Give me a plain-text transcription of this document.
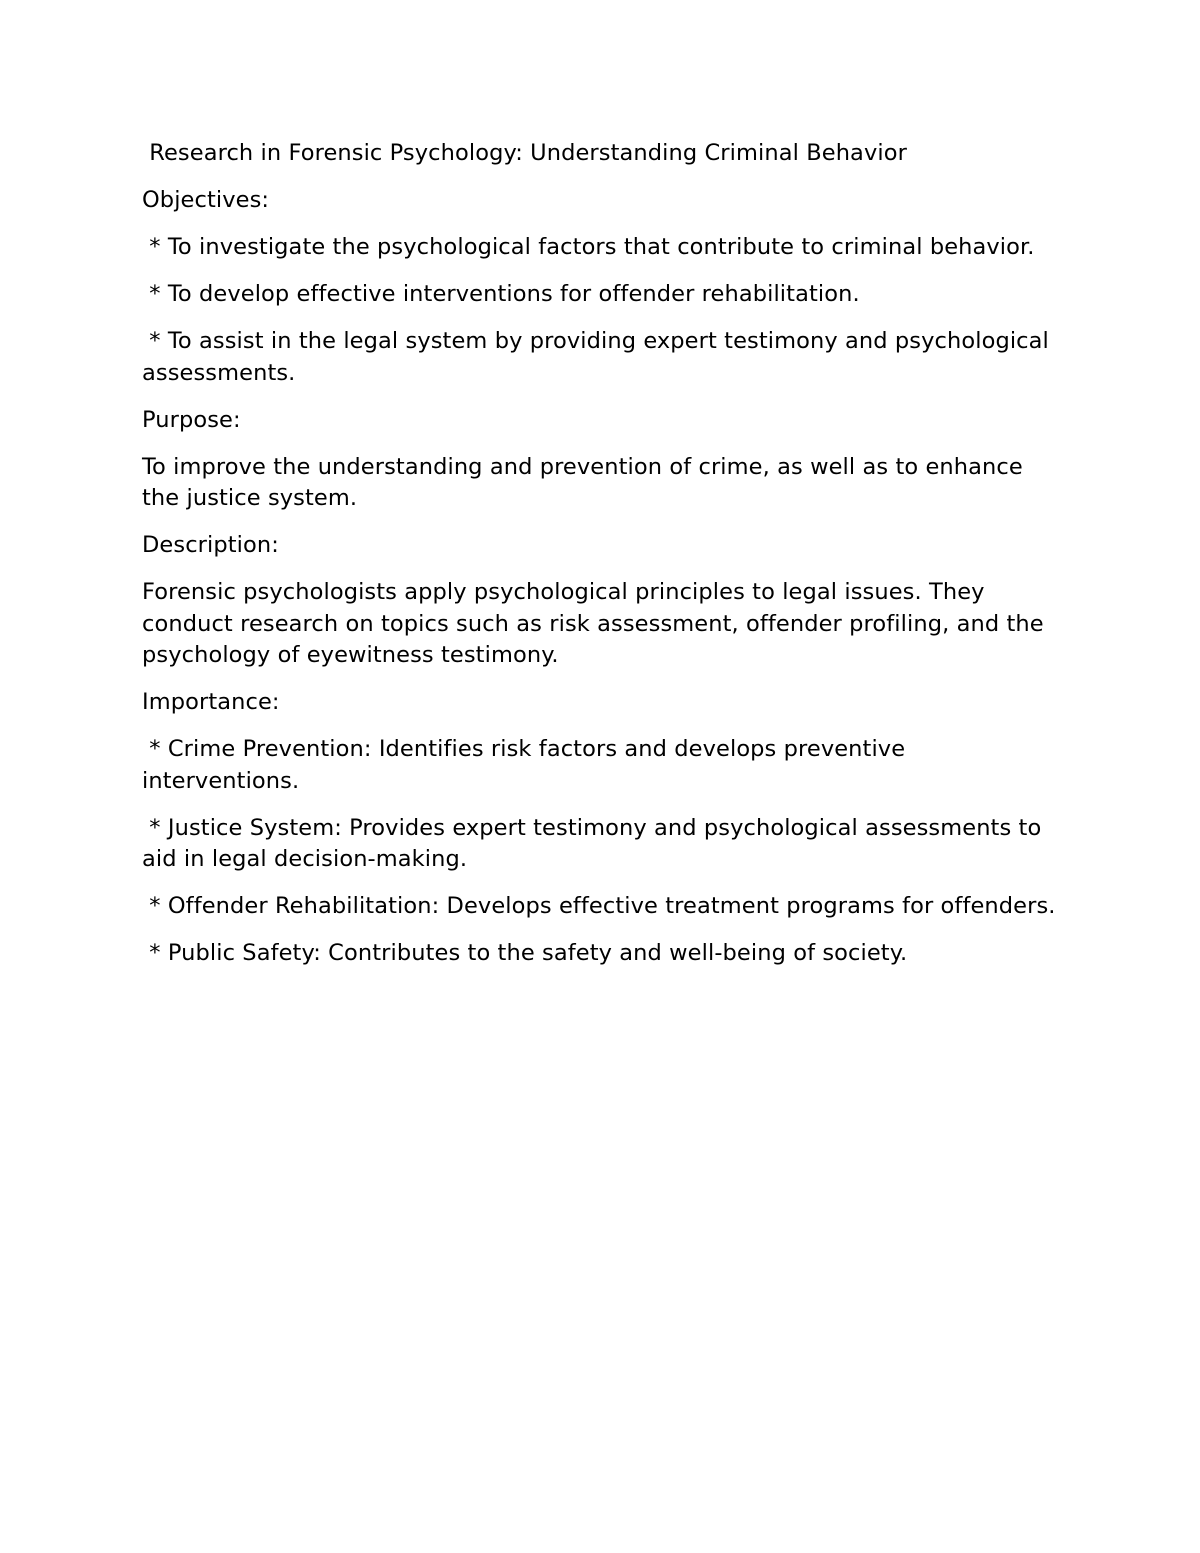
Research in Forensic Psychology: Understanding Criminal Behavior

Objectives:

* To investigate the psychological factors that contribute to criminal behavior.

* To develop effective interventions for offender rehabilitation.

* To assist in the legal system by providing expert testimony and psychological assessments.

Purpose:

To improve the understanding and prevention of crime, as well as to enhance the justice system.

Description:

Forensic psychologists apply psychological principles to legal issues. They conduct research on topics such as risk assessment, offender profiling, and the psychology of eyewitness testimony.

Importance:

* Crime Prevention: Identifies risk factors and develops preventive interventions.

* Justice System: Provides expert testimony and psychological assessments to aid in legal decision-making.

* Offender Rehabilitation: Develops effective treatment programs for offenders.

* Public Safety: Contributes to the safety and well-being of society.
